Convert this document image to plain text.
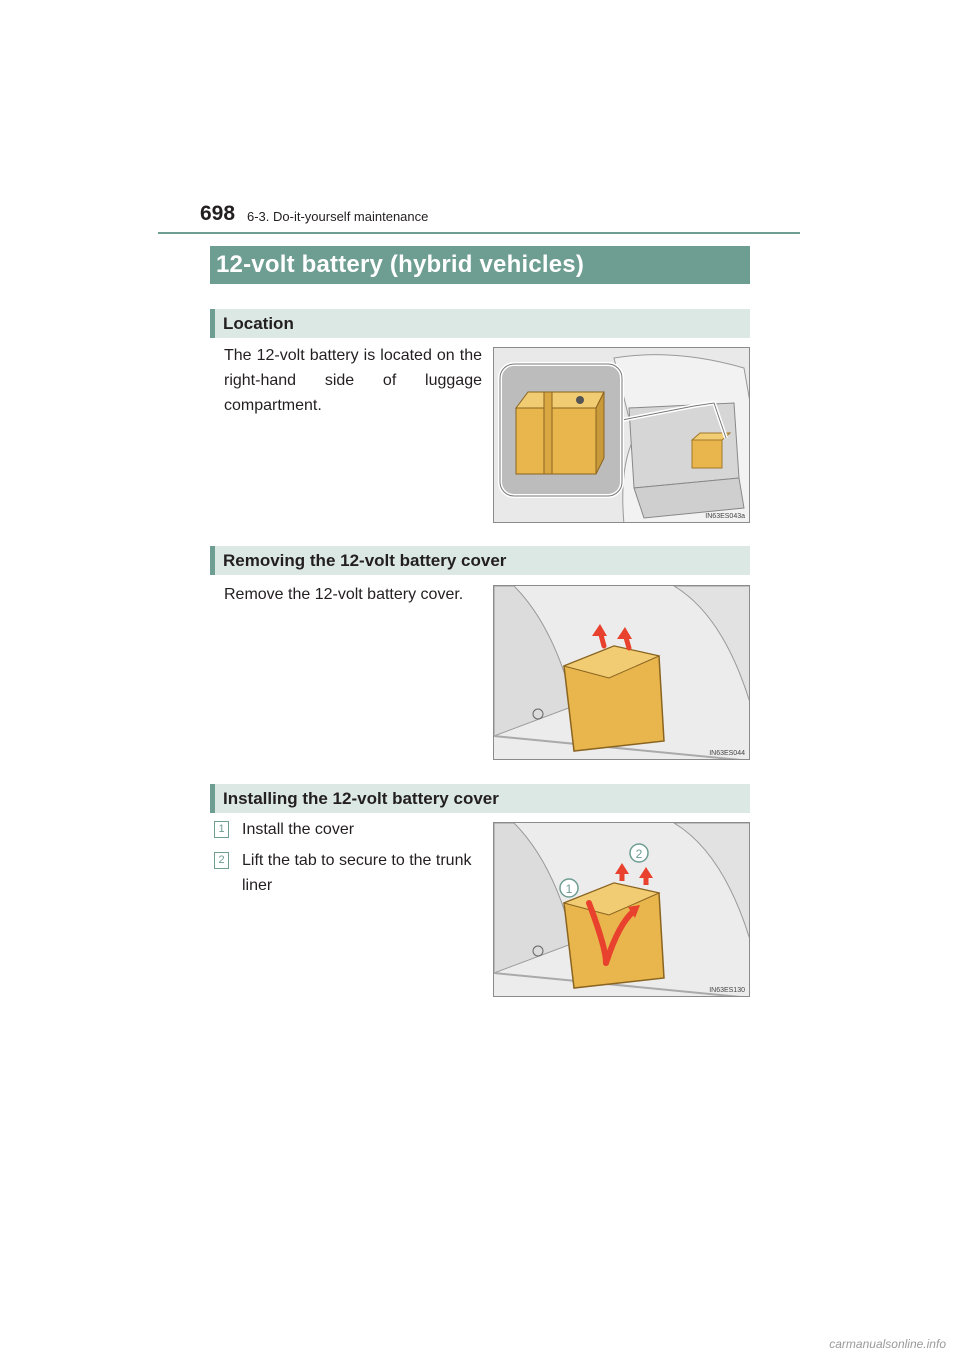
698 6-3. Do-it-yourself maintenance
12-volt battery (hybrid vehicles)
Location
The 12-volt battery is located on the right-hand side of luggage compartment.
IN63ES043a
Removing the 12-volt battery cover
Remove the 12-volt battery cover.
IN63ES044
Installing the 12-volt battery cover
1 Install the cover
2 Lift the tab to secure to the trunk liner	1
2
IN63ES130
carmanualsonline.info
